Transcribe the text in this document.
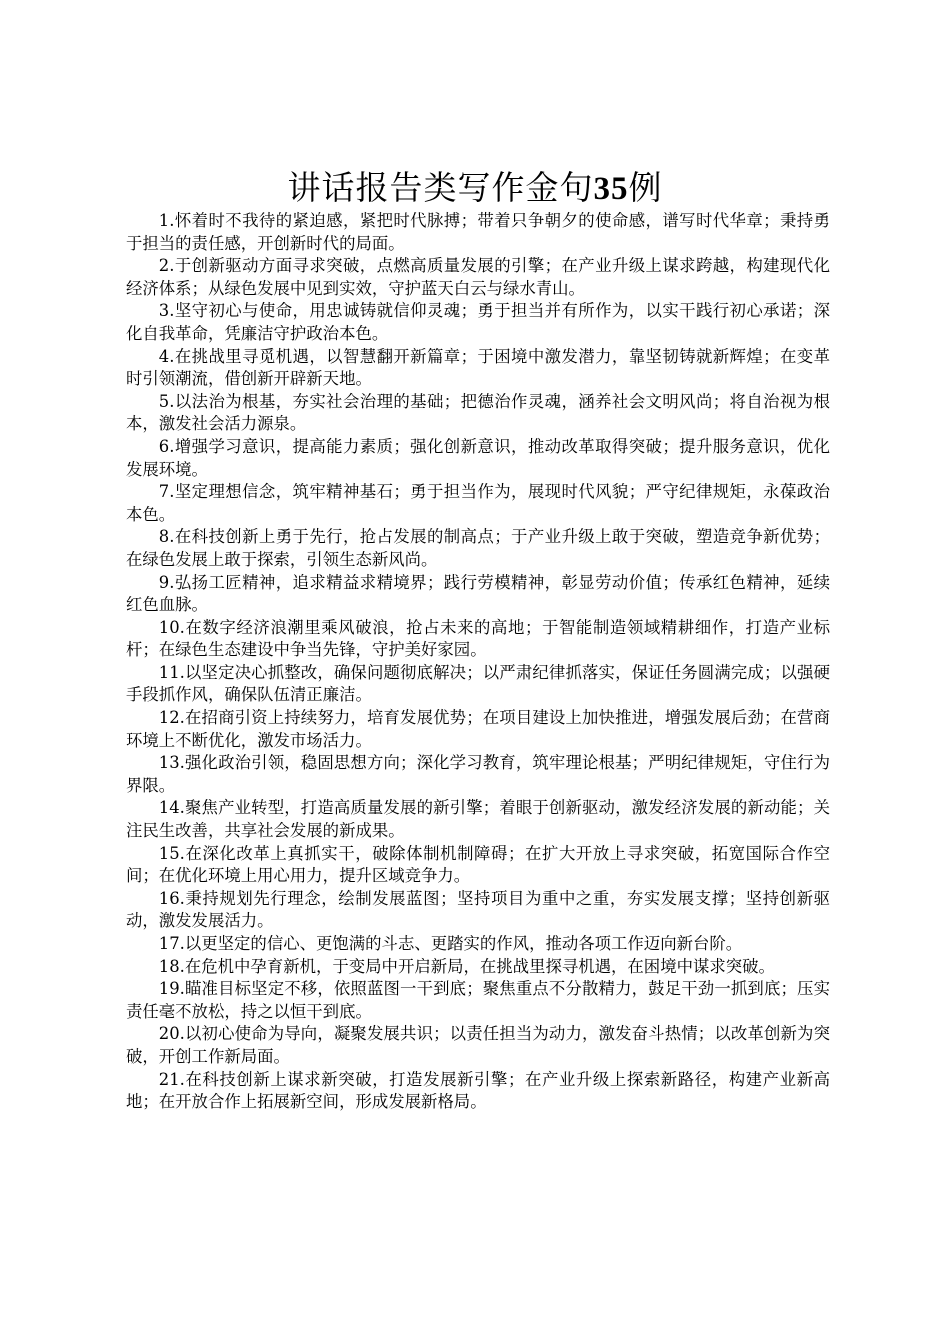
讲话报告类写作金句35例

1.怀着时不我待的紧迫感，紧把时代脉搏；带着只争朝夕的使命感，谱写时代华章；秉持勇于担当的责任感，开创新时代的局面。

2.于创新驱动方面寻求突破，点燃高质量发展的引擎；在产业升级上谋求跨越，构建现代化经济体系；从绿色发展中见到实效，守护蓝天白云与绿水青山。

3.坚守初心与使命，用忠诚铸就信仰灵魂；勇于担当并有所作为，以实干践行初心承诺；深化自我革命，凭廉洁守护政治本色。

4.在挑战里寻觅机遇，以智慧翻开新篇章；于困境中激发潜力，靠坚韧铸就新辉煌；在变革时引领潮流，借创新开辟新天地。

5.以法治为根基，夯实社会治理的基础；把德治作灵魂，涵养社会文明风尚；将自治视为根本，激发社会活力源泉。

6.增强学习意识，提高能力素质；强化创新意识，推动改革取得突破；提升服务意识，优化发展环境。

7.坚定理想信念，筑牢精神基石；勇于担当作为，展现时代风貌；严守纪律规矩，永葆政治本色。

8.在科技创新上勇于先行，抢占发展的制高点；于产业升级上敢于突破，塑造竞争新优势；在绿色发展上敢于探索，引领生态新风尚。

9.弘扬工匠精神，追求精益求精境界；践行劳模精神，彰显劳动价值；传承红色精神，延续红色血脉。

10.在数字经济浪潮里乘风破浪，抢占未来的高地；于智能制造领域精耕细作，打造产业标杆；在绿色生态建设中争当先锋，守护美好家园。

11.以坚定决心抓整改，确保问题彻底解决；以严肃纪律抓落实，保证任务圆满完成；以强硬手段抓作风，确保队伍清正廉洁。

12.在招商引资上持续努力，培育发展优势；在项目建设上加快推进，增强发展后劲；在营商环境上不断优化，激发市场活力。

13.强化政治引领，稳固思想方向；深化学习教育，筑牢理论根基；严明纪律规矩，守住行为界限。

14.聚焦产业转型，打造高质量发展的新引擎；着眼于创新驱动，激发经济发展的新动能；关注民生改善，共享社会发展的新成果。

15.在深化改革上真抓实干，破除体制机制障碍；在扩大开放上寻求突破，拓宽国际合作空间；在优化环境上用心用力，提升区域竞争力。

16.秉持规划先行理念，绘制发展蓝图；坚持项目为重中之重，夯实发展支撑；坚持创新驱动，激发发展活力。

17.以更坚定的信心、更饱满的斗志、更踏实的作风，推动各项工作迈向新台阶。

18.在危机中孕育新机，于变局中开启新局，在挑战里探寻机遇，在困境中谋求突破。

19.瞄准目标坚定不移，依照蓝图一干到底；聚焦重点不分散精力，鼓足干劲一抓到底；压实责任毫不放松，持之以恒干到底。

20.以初心使命为导向，凝聚发展共识；以责任担当为动力，激发奋斗热情；以改革创新为突破，开创工作新局面。

21.在科技创新上谋求新突破，打造发展新引擎；在产业升级上探索新路径，构建产业新高地；在开放合作上拓展新空间，形成发展新格局。
